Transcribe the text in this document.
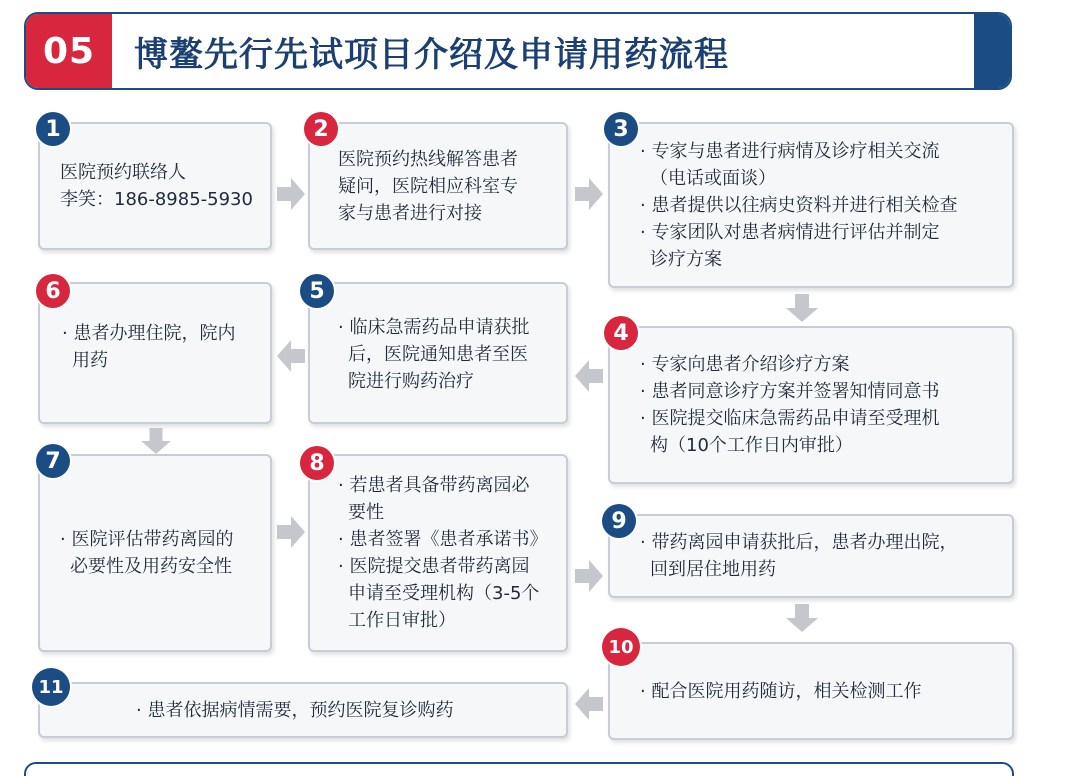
05	博鳌先行先试项目介绍及申请用药流程
医院预约联络人
李笑：186-8985-5930
1
医院预约热线解答患者
疑问，医院相应科室专
家与患者进行对接
2
· 专家与患者进行病情及诊疗相关交流
（电话或面谈）
· 患者提供以往病史资料并进行相关检查
· 专家团队对患者病情进行评估并制定
诊疗方案
3
· 患者办理住院，院内
用药
6
· 临床急需药品申请获批
后，医院通知患者至医
院进行购药治疗
5
· 专家向患者介绍诊疗方案
· 患者同意诊疗方案并签署知情同意书
· 医院提交临床急需药品申请至受理机
构（10个工作日内审批）
4
· 医院评估带药离园的
必要性及用药安全性
7
· 若患者具备带药离园必
要性
· 患者签署《患者承诺书》
· 医院提交患者带药离园
申请至受理机构（3-5个
工作日审批）
8
· 带药离园申请获批后，患者办理出院，
回到居住地用药
9
· 配合医院用药随访，相关检测工作
10
· 患者依据病情需要，预约医院复诊购药
11
